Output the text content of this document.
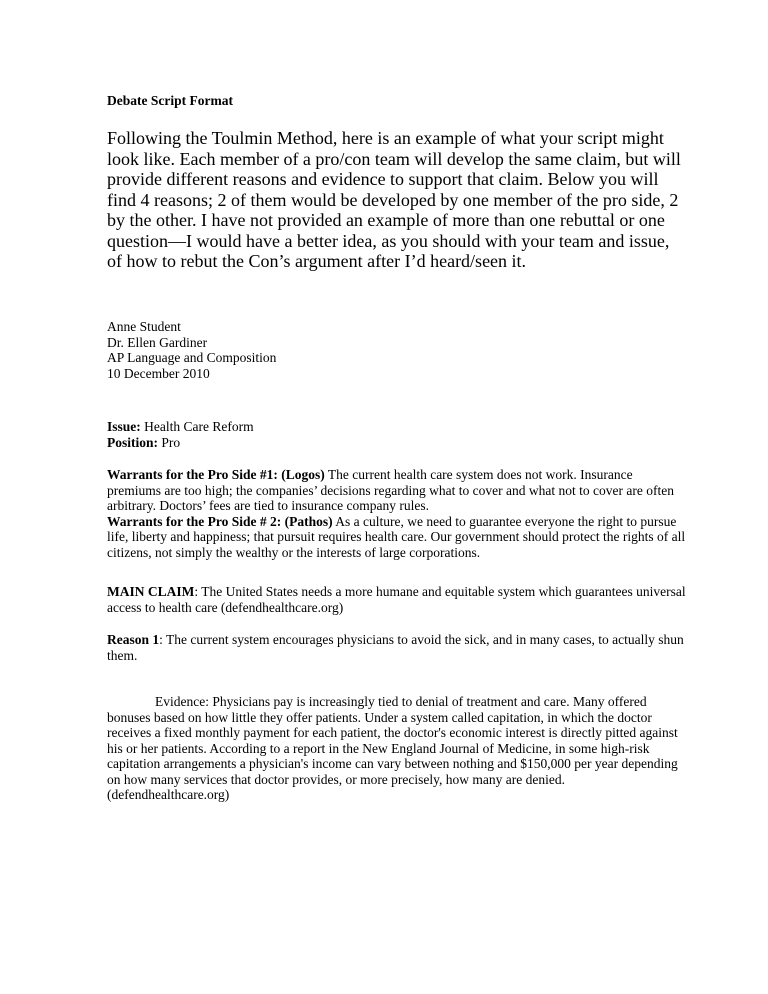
Debate Script Format

Following the Toulmin Method, here is an example of what your script might look like. Each member of a pro/con team will develop the same claim, but will provide different reasons and evidence to support that claim. Below you will find 4 reasons; 2 of them would be developed by one member of the pro side, 2 by the other. I have not provided an example of more than one rebuttal or one question—I would have a better idea, as you should with your team and issue, of how to rebut the Con’s argument after I’d heard/seen it.

Anne Student
Dr. Ellen Gardiner
AP Language and Composition
10 December 2010
Issue: Health Care Reform
Position: Pro
Warrants for the Pro Side #1: (Logos) The current health care system does not work. Insurance premiums are too high; the companies’ decisions regarding what to cover and what not to cover are often arbitrary. Doctors’ fees are tied to insurance company rules.
Warrants for the Pro Side # 2: (Pathos) As a culture, we need to guarantee everyone the right to pursue life, liberty and happiness; that pursuit requires health care. Our government should protect the rights of all citizens, not simply the wealthy or the interests of large corporations.
MAIN CLAIM: The United States needs a more humane and equitable system which guarantees universal access to health care (defendhealthcare.org)
Reason 1: The current system encourages physicians to avoid the sick, and in many cases, to actually shun them.
Evidence: Physicians pay is increasingly tied to denial of treatment and care. Many offered bonuses based on how little they offer patients. Under a system called capitation, in which the doctor receives a fixed monthly payment for each patient, the doctor's economic interest is directly pitted against his or her patients. According to a report in the New England Journal of Medicine, in some high-risk capitation arrangements a physician's income can vary between nothing and $150,000 per year depending on how many services that doctor provides, or more precisely, how many are denied. (defendhealthcare.org)
